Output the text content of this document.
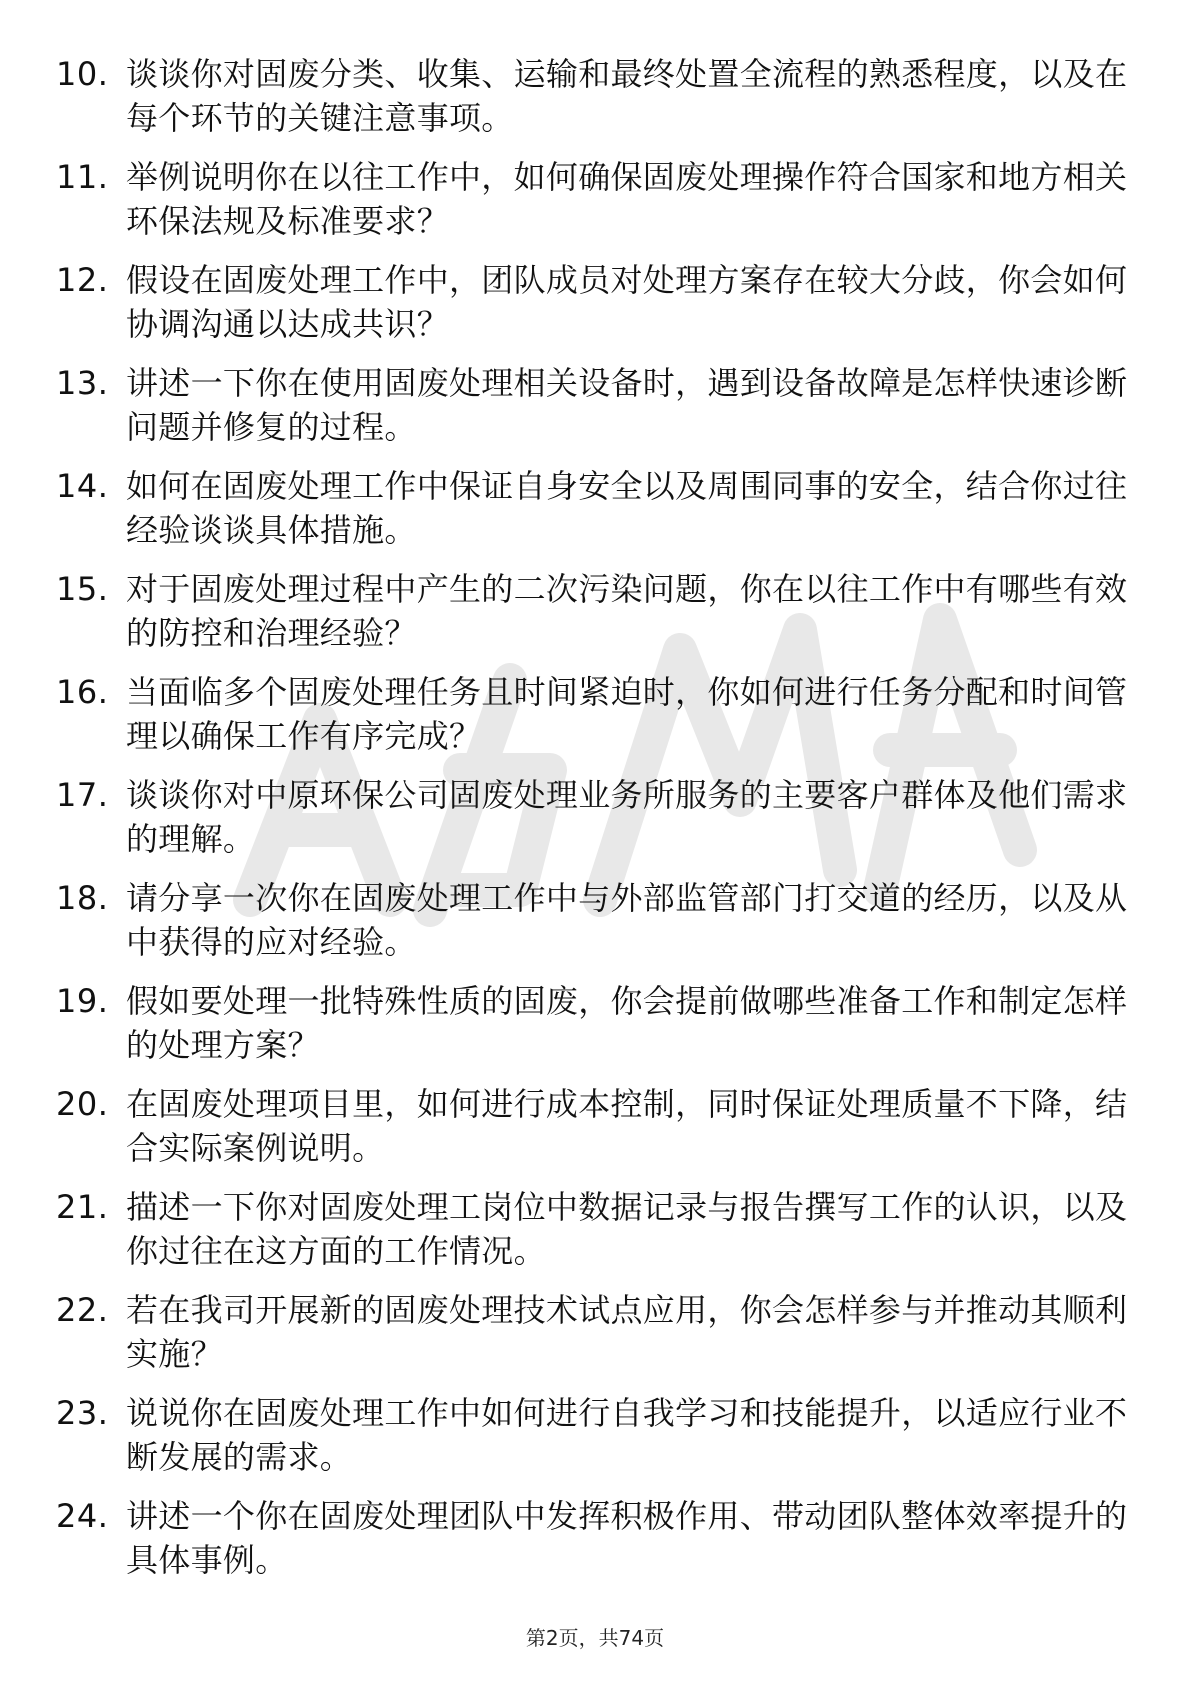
10. 谈谈你对固废分类、收集、运输和最终处置全流程的熟悉程度，以及在每个环节的关键注意事项。
11. 举例说明你在以往工作中，如何确保固废处理操作符合国家和地方相关环保法规及标准要求？
12. 假设在固废处理工作中，团队成员对处理方案存在较大分歧，你会如何协调沟通以达成共识？
13. 讲述一下你在使用固废处理相关设备时，遇到设备故障是怎样快速诊断问题并修复的过程。
14. 如何在固废处理工作中保证自身安全以及周围同事的安全，结合你过往经验谈谈具体措施。
15. 对于固废处理过程中产生的二次污染问题，你在以往工作中有哪些有效的防控和治理经验？
16. 当面临多个固废处理任务且时间紧迫时，你如何进行任务分配和时间管理以确保工作有序完成？
17. 谈谈你对中原环保公司固废处理业务所服务的主要客户群体及他们需求的理解。
18. 请分享一次你在固废处理工作中与外部监管部门打交道的经历，以及从中获得的应对经验。
19. 假如要处理一批特殊性质的固废，你会提前做哪些准备工作和制定怎样的处理方案？
20. 在固废处理项目里，如何进行成本控制，同时保证处理质量不下降，结合实际案例说明。
21. 描述一下你对固废处理工岗位中数据记录与报告撰写工作的认识，以及你过往在这方面的工作情况。
22. 若在我司开展新的固废处理技术试点应用，你会怎样参与并推动其顺利实施？
23. 说说你在固废处理工作中如何进行自我学习和技能提升，以适应行业不断发展的需求。
24. 讲述一个你在固废处理团队中发挥积极作用、带动团队整体效率提升的具体事例。
第2页，共74页
